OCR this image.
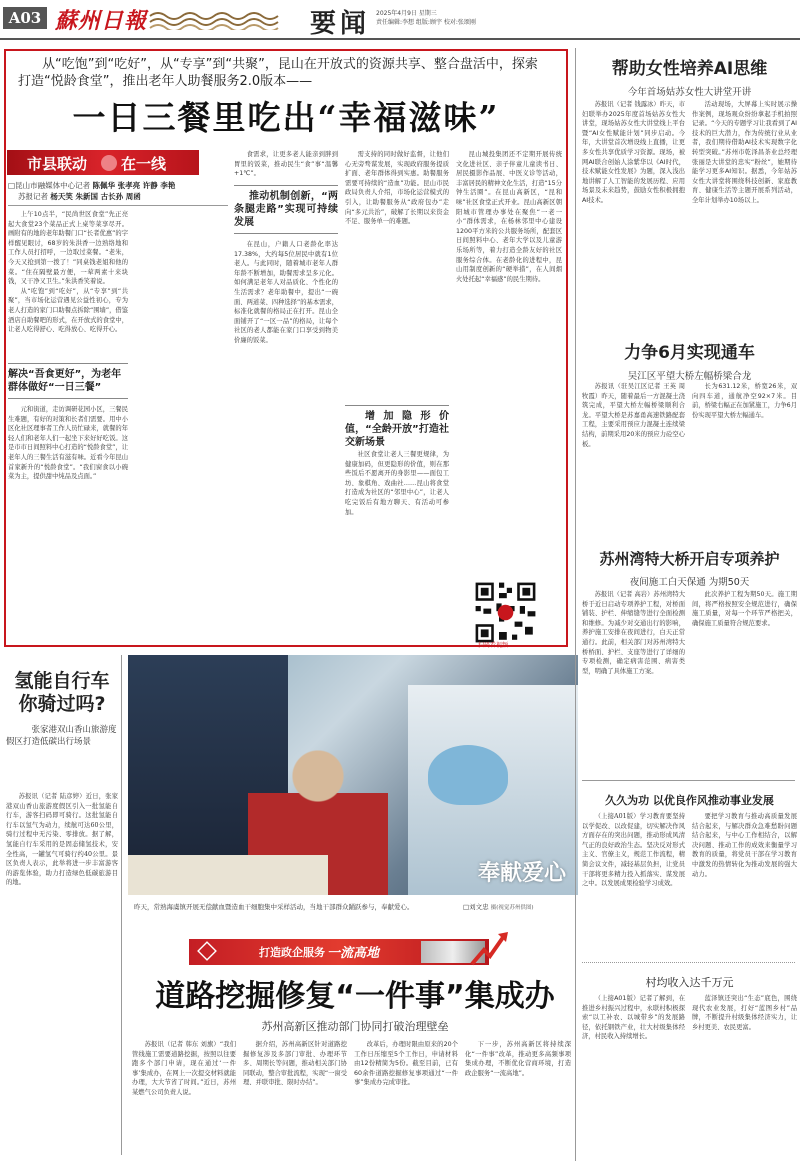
A03 蘇州日報	要闻 2025年4月9日 星期三
责任编辑:李想 组版:顾宇 校对:张颂刚
从“吃饱”到“吃好”，从“专享”到“共聚”，昆山在开放式的资源共享、整合盘活中，探索
打造“悦龄食堂”，推出老年人助餐服务2.0版本——
一日三餐里吃出“幸福滋味”
市县联动 在一线
□昆山市融媒体中心记者 陈佩华 张孝亮 许静 李艳
苏报记者 杨天笑 朱新国 古长孙 周函

上午10点半，“民尚世区食堂”先正亮起大食堂23个菜品正式上桌等菜享尽开。画附有的地的老年助餐门口“长者优惠”的字样醒见眼讨，68岁的朱洪香一边熟络地和工作人员打招呼，一边取过菜餐。“老朱，今天又抢到第一拨了！”同桌钱老姐和他的菜。“住在隔壁最方便，一荤两素十来块钱，又干净又卫生。”朱洪香笑着说。

从“吃饱”到“吃好”，从“专享”到“共聚”，当市场化运营遇见公益性初心，专为老人打造的家门口助餐点拆除“围墙”，借鉴酒店自助餐吧的形式，在开放式的食堂中，让老人吃得舒心、吃得放心、吃得开心。

解决“吾食更好”，为老年群体做好“一日三餐”

元和街道，走访调研花园小区，三餐民生难题，有好的对策和长者们需要。用中小区化社区理事者工作人员忙碌来，就餐的年轻人们和老年人们一起坐下来好好吃饭。这是市市日间照料中心打造的“悦龄食堂”，让老年人的三餐生活有滋有味。近看今年昆山首家新升的“悦龄食堂”。“我们窗食以小碗菜为主，提供甜中炖品及点面。”

食需求，让更多老人能亲到胖到胃里的饭菜，推动民生“食”事“温馨+1℃”。

推动机制创新，“两条腿走路”实现可持续发展

在昆山，户籍人口老龄化率达17.38%，大约每5位居民中就有1位老人。与此同时，随着城市老年人群年龄不断增加，助餐需求呈多元化。如何满足老年人对品质化、个性化的生活需求？老年助餐中，提出“一碗面、两道菜、四种选择”的基本需求，标准化就餐的格局正在打开。昆山全面铺开了“一区一品”的格局，让每个社区的老人都能在家门口享受到物美价廉的饭菜。

需支持的同时做好监督，让他们心无旁骛谋发展，实现政府服务提质扩面、老年群体得到实惠。助餐服务需要可持续的“造血”功能。昆山市民政局负责人介绍，市场化运营模式的引入，让助餐服务从“政府包办”走向“多元共治”，破解了长期以来资金不足、服务单一的难题。

增加隐形价值，“全龄开放”打造社交新场景

社区食堂让老人三餐更规律，为健康加码，但更隐形的价值，则在那些饭后不愿离开的身影里——面包工坊、象棋角、戏曲社……昆山将食堂打造成为社区的“邻里中心”，让老人吃完饭后有地方聊天、有活动可参加。

昆山城投集团还不定期开展传统文化进社区、亲子伴童儿童读书日、居民摄影作品展、中医义诊等活动，丰富居民的精神文化生活，打造“15分钟生活圈”。在昆山高新区，“昆和味”社区食堂正式开业。昆山高新区朝阳城市管理办事处在聚焦“一老一小”群体需求，在杨林邻里中心建设1200平方米的公共服务场所，配套区日间照料中心、老年大学以及儿童游乐场所等，着力打造全龄友好的社区服务综合体。在老龄化的进程中，昆山用制度创新的“硬举措”，在人间烟火处托起“幸福感”的民生期待。

扫码看视频
奉献爱心
昨天，常熟海虞镇开展无偿献血暨造血干细胞集中采样活动，当地干部群众踊跃参与，奉献爱心。	□刘文忠 摄(视觉苏州供图)
氢能自行车你骑过吗?
张家港双山香山旅游度假区打造低碳出行场景

苏报讯（记者 陆彦婷）近日，张家港双山香山旅游度假区引入一批氢能自行车，游客扫码即可骑行。这批氢能自行车以氢气为动力，续航可达60公里，骑行过程中无污染、零排放。据了解，氢能自行车采用的是固态储氢技术，安全性高，一罐氢气可骑行约40公里。景区负责人表示，此举将进一步丰富游客的游览体验，助力打造绿色低碳旅游目的地。

打造政企服务 一流高地
道路挖掘修复“一件事”集成办
苏州高新区推动部门协同打破治理壁垒

苏报讯（记者 韩东 刘旗）“我们管线施工需要道路挖掘，按照以往要跑多个部门申请，现在通过‘一件事’集成办，在网上一次提交材料就能办理，大大节省了时间。”近日，苏州某燃气公司负责人说。

据介绍，苏州高新区针对道路挖掘修复涉及多部门审批、办理环节多、周期长等问题，推动相关部门协同联动，整合审批流程，实现“一窗受理、并联审批、限时办结”。

改革后，办理时限由原来的20个工作日压缩至5个工作日，申请材料由12份精简为5份。截至目前，已有60余件道路挖掘修复事项通过“一件事”集成办完成审批。

下一步，苏州高新区将持续深化“一件事”改革，推动更多高频事项集成办理，不断优化营商环境，打造政企服务“一流高地”。

帮助女性培养AI思维
今年首场姑苏女性大讲堂开讲

苏报讯（记者 钱露冰）昨天，市妇联举办2025年度首场姑苏女性大讲堂，现场姑苏女性大讲堂线上平台暨“AI女性赋能计划”同步启动。今年，大讲堂首次增设线上直播，让更多女性共享优质学习资源。现场，被网AI联合创始人涂紫华以《AI时代，技术赋能女性发展》为题，深入浅出地讲解了人工智能的发展历程、应用场景及未来趋势，鼓励女性积极拥抱AI技术。

活动现场，大屏幕上实时展示操作案例，现场观众纷纷拿起手机拍照记录。“今天的专题学习让我看到了AI技术的巨大潜力，作为传统行业从业者，我们期待借助AI技术实现数字化转型突破。”苏州市乾泽昌茶业总经理张丽是大讲堂的忠实“粉丝”，她期待能学习更多AI知识。据悉，今年姑苏女性大讲堂将围绕科技创新、家庭教育、健康生活等主题开展系列活动，全年计划举办10场以上。

力争6月实现通车
吴江区平望大桥左幅桥梁合龙

苏报讯（驻吴江区记者 王英 周牧霞）昨天，随着最后一方混凝土浇筑完成，平望大桥左幅桥梁顺利合龙。平望大桥是苏嘉甬高速铁路配套工程，主要采用预应力混凝土连续梁结构，前期采用20米的预应力砼空心板。

长为631.12米，桥宽26米，双向四车道，通航净空92×7米。目前，桥梁右幅正在加紧施工，力争6月份实现平望大桥左幅通车。

苏州湾特大桥开启专项养护
夜间施工白天保通 为期50天

苏报讯（记者 高岩）苏州湾特大桥于近日启动专项养护工程，对桥面铺装、护栏、伸缩缝等进行全面检测和维修。为减少对交通出行的影响，养护施工安排在夜间进行，白天正常通行。此前，相关部门对苏州湾特大桥桥面、护栏、支座等进行了详细的专项检测，确定病害范围、病害类型，明确了具体施工方案。

此次养护工程为期50天。施工期间，将严格按照安全规范进行，确保施工质量，对每一个环节严格把关，确保施工质量符合规范要求。

久久为功 以优良作风推动事业发展

（上接A01版）学习教育要坚持以学促改、以改促建，切实解决作风方面存在的突出问题，推动形成风清气正的良好政治生态。坚决反对形式主义、官僚主义，规范工作流程，精简会议文件，减轻基层负担，让党员干部将更多精力投入抓落实、谋发展之中。以发展成果检验学习成效。

要把学习教育与推动高质量发展结合起来，与解决群众急难愁盼问题结合起来，与中心工作相结合，以解决问题、推动工作的成效来衡量学习教育的质量，将党员干部在学习教育中激发的热情转化为推动发展的强大动力。

村均收入达千万元

（上接A01版）记者了解到，在推进乡村振兴过程中，永联村积极探索“以工补农、以城带乡”的发展路径，依托钢铁产业，壮大村级集体经济，村民收入持续增长。

蓝泽镇还突出“生态”底色，围绕现代农业发展，打好“蓝图乡村”品牌，不断提升村级集体经济实力，让乡村更美、农民更富。
